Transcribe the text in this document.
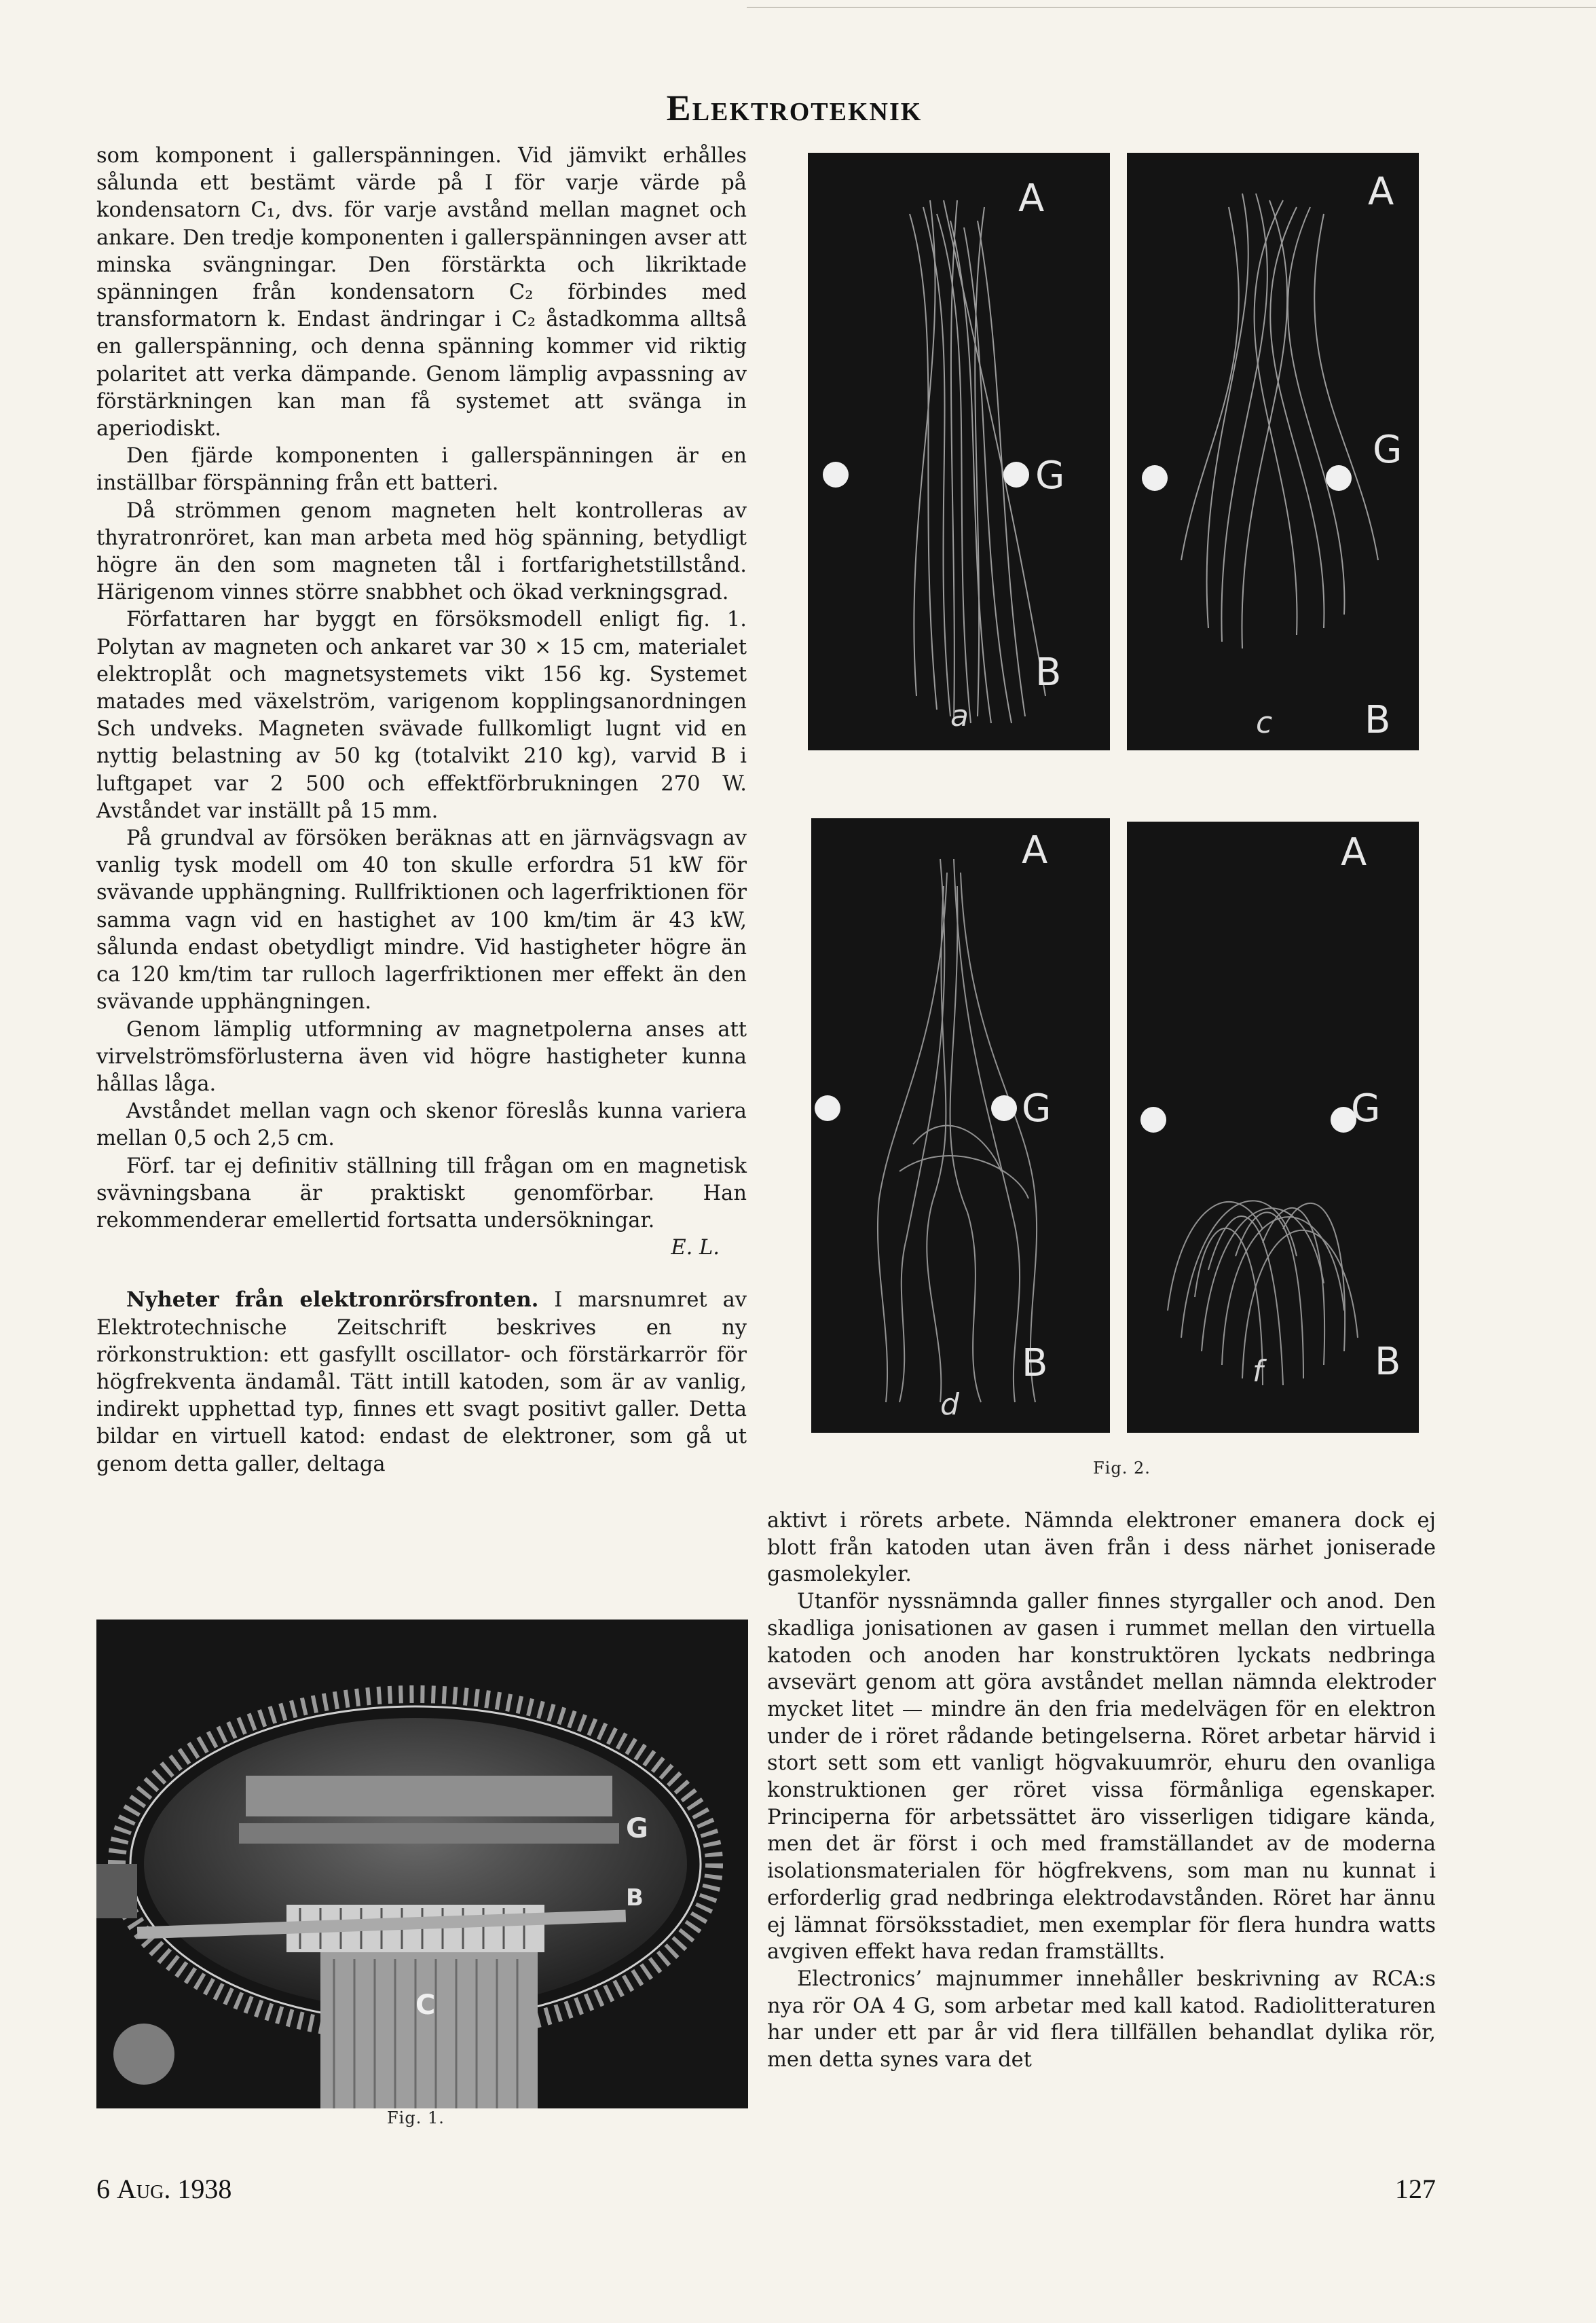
Elektroteknik

som komponent i gallerspänningen. Vid jämvikt erhålles sålunda ett bestämt värde på I för varje värde på kondensatorn C₁, dvs. för varje avstånd mellan magnet och ankare. Den tredje komponenten i gallerspänningen avser att minska svängningar. Den förstärkta och likriktade spänningen från kondensatorn C₂ förbindes med transformatorn k. Endast ändringar i C₂ åstadkomma alltså en gallerspänning, och denna spänning kommer vid riktig polaritet att verka dämpande. Genom lämplig avpassning av förstärkningen kan man få systemet att svänga in aperiodiskt.

Den fjärde komponenten i gallerspänningen är en inställbar förspänning från ett batteri.

Då strömmen genom magneten helt kontrolleras av thyratronröret, kan man arbeta med hög spänning, betydligt högre än den som magneten tål i fortfarighetstillstånd. Härigenom vinnes större snabbhet och ökad verkningsgrad.

Författaren har byggt en försöksmodell enligt fig. 1. Polytan av magneten och ankaret var 30 × 15 cm, materialet elektroplåt och magnetsystemets vikt 156 kg. Systemet matades med växelström, varigenom kopplingsanordningen Sch undveks. Magneten svävade fullkomligt lugnt vid en nyttig belastning av 50 kg (totalvikt 210 kg), varvid B i luftgapet var 2 500 och effektförbrukningen 270 W. Avståndet var inställt på 15 mm.

På grundval av försöken beräknas att en järnvägsvagn av vanlig tysk modell om 40 ton skulle erfordra 51 kW för svävande upphängning. Rullfriktionen och lagerfriktionen för samma vagn vid en hastighet av 100 km/tim är 43 kW, sålunda endast obetydligt mindre. Vid hastigheter högre än ca 120 km/tim tar rulloch lagerfriktionen mer effekt än den svävande upphängningen.

Genom lämplig utformning av magnetpolerna anses att virvelströmsförlusterna även vid högre hastigheter kunna hållas låga.

Avståndet mellan vagn och skenor föreslås kunna variera mellan 0,5 och 2,5 cm.

Förf. tar ej definitiv ställning till frågan om en magnetisk svävningsbana är praktiskt genomförbar. Han rekommenderar emellertid fortsatta undersökningar.

E. L.

Nyheter från elektronrörsfronten. I marsnumret av Elektrotechnische Zeitschrift beskrives en ny rörkonstruktion: ett gasfyllt oscillator- och förstärkarrör för högfrekventa ändamål. Tätt intill katoden, som är av vanlig, indirekt upphettad typ, finnes ett svagt positivt galler. Detta bildar en virtuell katod: endast de elektroner, som gå ut genom detta galler, deltaga

A
G
B
a
A
G
B
c
A
G
B
d
A
G
B
f
Fig. 2.

aktivt i rörets arbete. Nämnda elektroner emanera dock ej blott från katoden utan även från i dess närhet joniserade gasmolekyler.

Utanför nyssnämnda galler finnes styrgaller och anod. Den skadliga jonisationen av gasen i rummet mellan den virtuella katoden och anoden har konstruktören lyckats nedbringa avsevärt genom att göra avståndet mellan nämnda elektroder mycket litet — mindre än den fria medelvägen för en elektron under de i röret rådande betingelserna. Röret arbetar härvid i stort sett som ett vanligt högvakuumrör, ehuru den ovanliga konstruktionen ger röret vissa förmånliga egenskaper. Principerna för arbetssättet äro visserligen tidigare kända, men det är först i och med framställandet av de moderna isolationsmaterialen för högfrekvens, som man nu kunnat i erforderlig grad nedbringa elektrodavstånden. Röret har ännu ej lämnat försöksstadiet, men exemplar för flera hundra watts avgiven effekt hava redan framställts.

Electronics’ majnummer innehåller beskrivning av RCA:s nya rör OA 4 G, som arbetar med kall katod. Radiolitteraturen har under ett par år vid flera tillfällen behandlat dylika rör, men detta synes vara det

G
B
C
Fig. 1.
6 Aug. 1938	127
